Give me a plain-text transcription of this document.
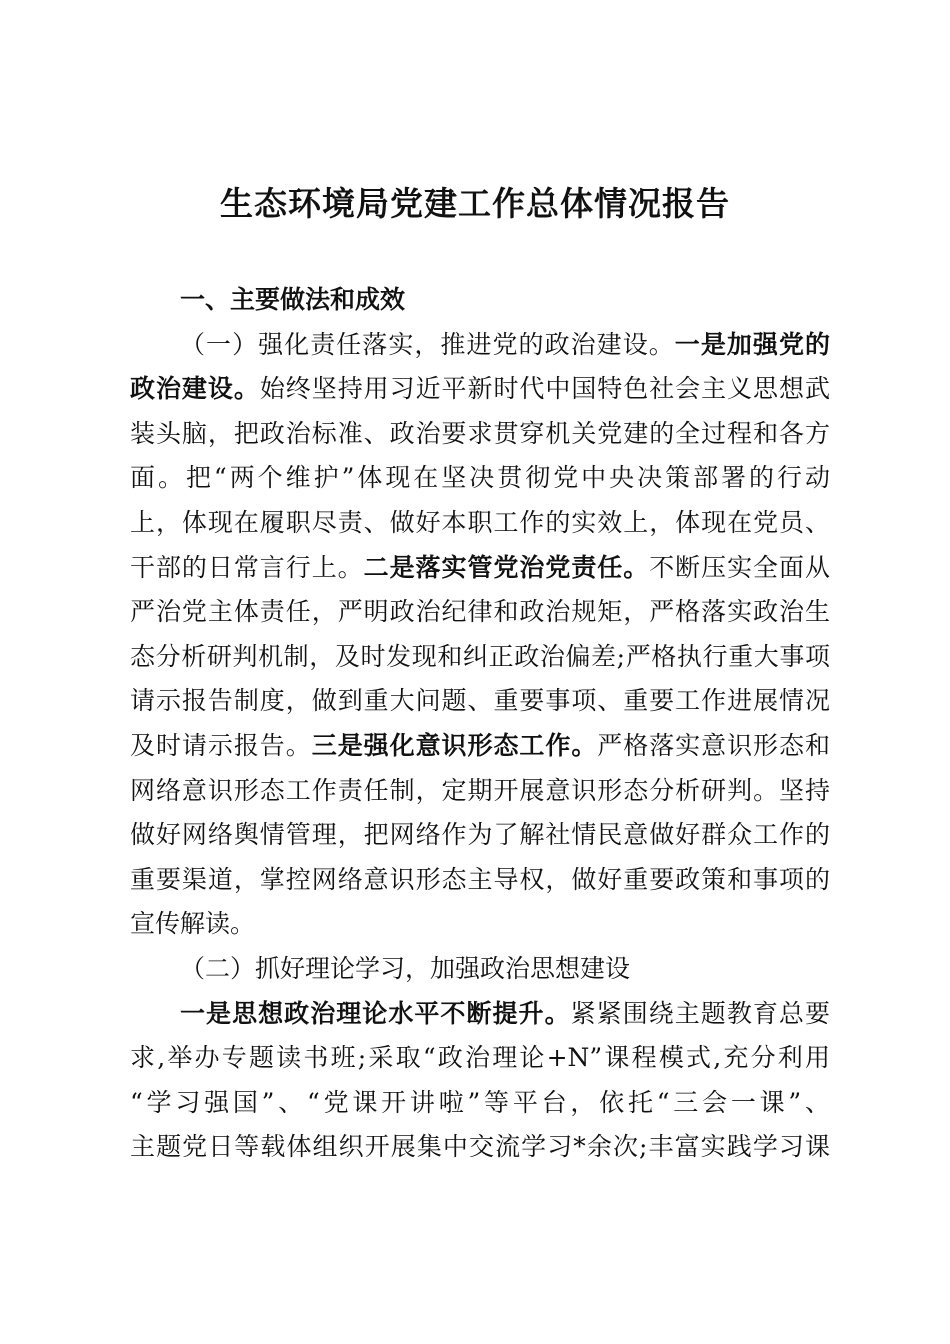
生态环境局党建工作总体情况报告
一、主要做法和成效
（一）强化责任落实，推进党的政治建设。一是加强党的
政治建设。始终坚持用习近平新时代中国特色社会主义思想武
装头脑，把政治标准、政治要求贯穿机关党建的全过程和各方
面。把“两个维护”体现在坚决贯彻党中央决策部署的行动
上，体现在履职尽责、做好本职工作的实效上，体现在党员、
干部的日常言行上。二是落实管党治党责任。不断压实全面从
严治党主体责任，严明政治纪律和政治规矩，严格落实政治生
态分析研判机制，及时发现和纠正政治偏差;严格执行重大事项
请示报告制度，做到重大问题、重要事项、重要工作进展情况
及时请示报告。三是强化意识形态工作。严格落实意识形态和
网络意识形态工作责任制，定期开展意识形态分析研判。坚持
做好网络舆情管理，把网络作为了解社情民意做好群众工作的
重要渠道，掌控网络意识形态主导权，做好重要政策和事项的
宣传解读。
（二）抓好理论学习，加强政治思想建设
一是思想政治理论水平不断提升。紧紧围绕主题教育总要
求,举办专题读书班;采取“政治理论+N”课程模式,充分利用
“学习强国”、“党课开讲啦”等平台，依托“三会一课”、
主题党日等载体组织开展集中交流学习*余次;丰富实践学习课
